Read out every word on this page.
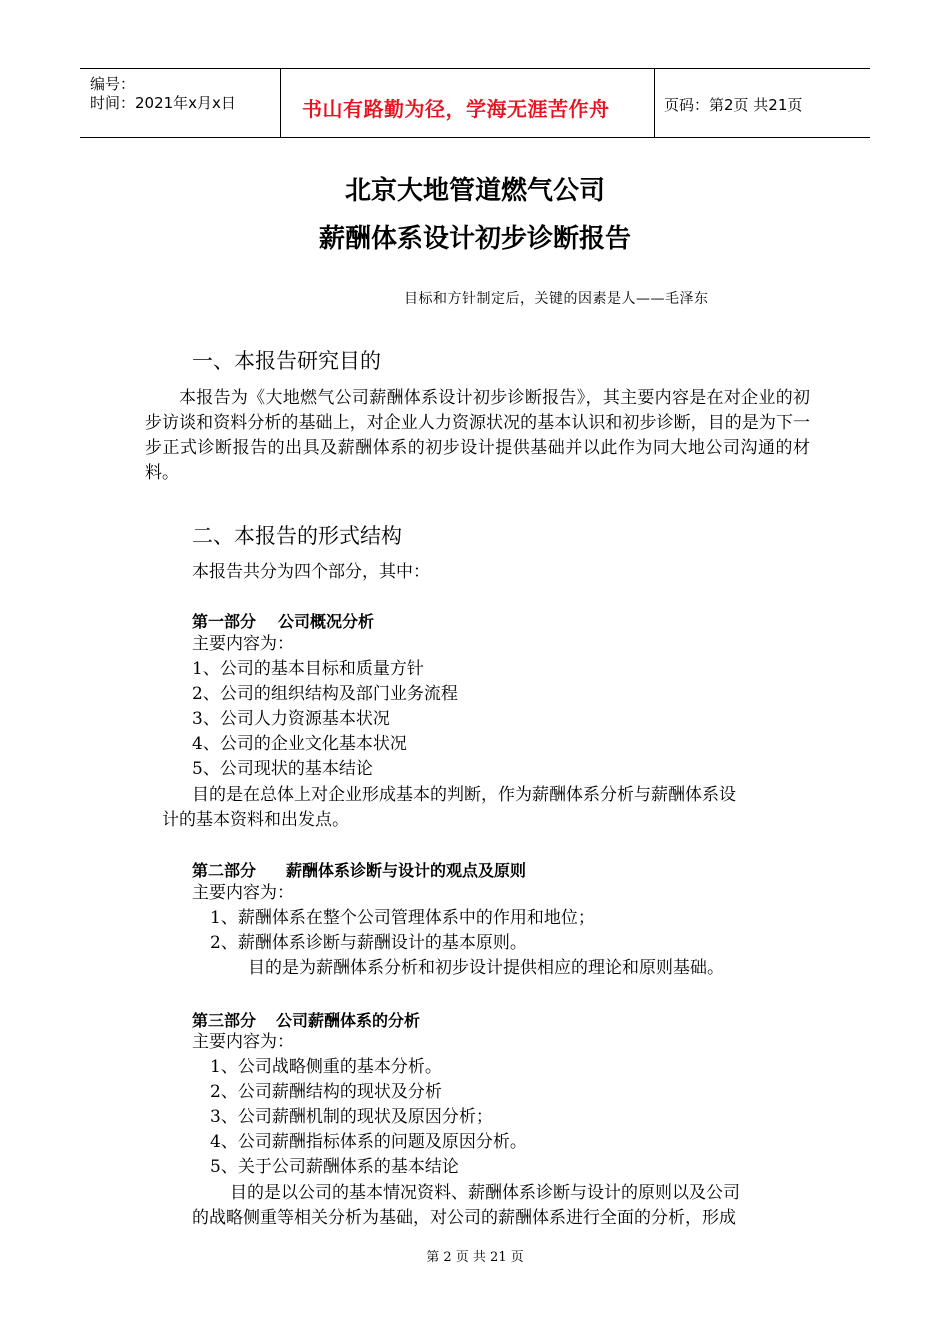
编号：
时间：2021年x月x日	书山有路勤为径，学海无涯苦作舟	页码：第2页 共21页
北京大地管道燃气公司
薪酬体系设计初步诊断报告
目标和方针制定后，关键的因素是人——毛泽东
一、本报告研究目的
本报告为《大地燃气公司薪酬体系设计初步诊断报告》，其主要内容是在对企业的初步访谈和资料分析的基础上，对企业人力资源状况的基本认识和初步诊断，目的是为下一步正式诊断报告的出具及薪酬体系的初步设计提供基础并以此作为同大地公司沟通的材料。
二、本报告的形式结构
本报告共分为四个部分，其中：
第一部分 公司概况分析
主要内容为：
1、公司的基本目标和质量方针
2、公司的组织结构及部门业务流程
3、公司人力资源基本状况
4、公司的企业文化基本状况
5、公司现状的基本结论
目的是在总体上对企业形成基本的判断，作为薪酬体系分析与薪酬体系设
计的基本资料和出发点。
第二部分 薪酬体系诊断与设计的观点及原则
主要内容为：
1、薪酬体系在整个公司管理体系中的作用和地位；
2、薪酬体系诊断与薪酬设计的基本原则。
目的是为薪酬体系分析和初步设计提供相应的理论和原则基础。
第三部分 公司薪酬体系的分析
主要内容为：
1、公司战略侧重的基本分析。
2、公司薪酬结构的现状及分析
3、公司薪酬机制的现状及原因分析；
4、公司薪酬指标体系的问题及原因分析。
5、关于公司薪酬体系的基本结论
目的是以公司的基本情况资料、薪酬体系诊断与设计的原则以及公司
的战略侧重等相关分析为基础，对公司的薪酬体系进行全面的分析，形成
第 2 页 共 21 页
